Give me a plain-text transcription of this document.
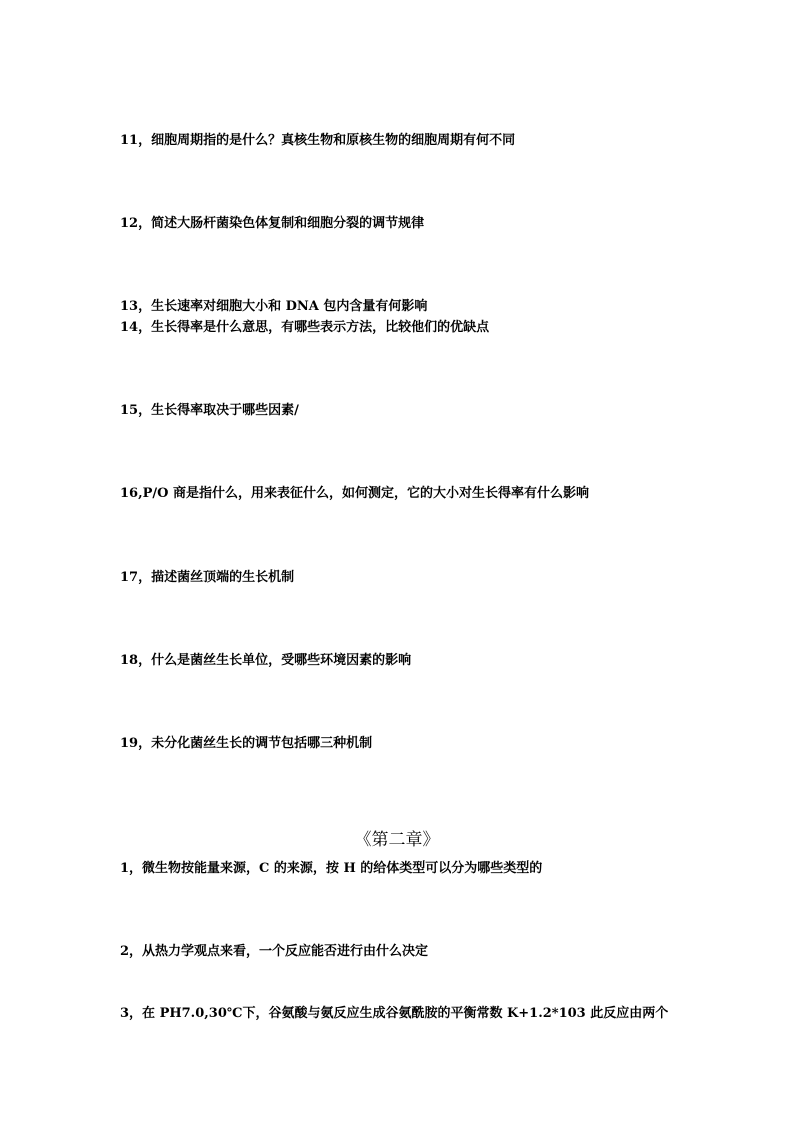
11，细胞周期指的是什么？真核生物和原核生物的细胞周期有何不同

12，简述大肠杆菌染色体复制和细胞分裂的调节规律

13，生长速率对细胞大小和 DNA 包内含量有何影响

14，生长得率是什么意思，有哪些表示方法，比较他们的优缺点

15，生长得率取决于哪些因素/

16,P/O 商是指什么，用来表征什么，如何测定，它的大小对生长得率有什么影响

17，描述菌丝顶端的生长机制

18，什么是菌丝生长单位，受哪些环境因素的影响

19，未分化菌丝生长的调节包括哪三种机制

《第二章》

1，微生物按能量来源，C 的来源，按 H 的给体类型可以分为哪些类型的

2，从热力学观点来看，一个反应能否进行由什么决定

3，在 PH7.0,30℃下，谷氨酸与氨反应生成谷氨酰胺的平衡常数 K+1.2*103 此反应由两个
